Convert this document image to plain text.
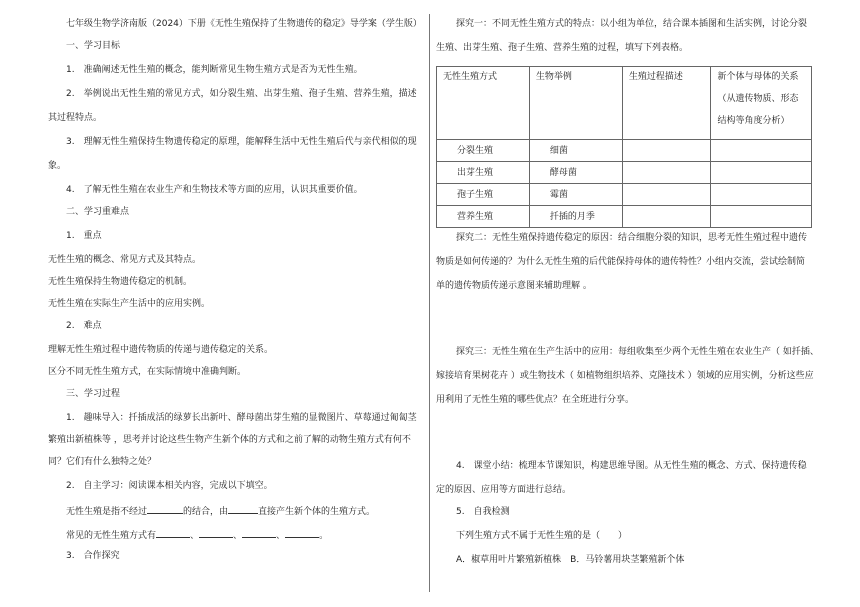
七年级生物学济南版（2024）下册《无性生殖保持了生物遗传的稳定》导学案（学生版）
一、学习目标
1.　准确阐述无性生殖的概念，能判断常见生物生殖方式是否为无性生殖。
2.　举例说出无性生殖的常见方式，如分裂生殖、出芽生殖、孢子生殖、营养生殖，描述
其过程特点。
3.　理解无性生殖保持生物遗传稳定的原理，能解释生活中无性生殖后代与亲代相似的现
象。
4.　了解无性生殖在农业生产和生物技术等方面的应用，认识其重要价值。
二、学习重难点
1.　重点
无性生殖的概念、常见方式及其特点。
无性生殖保持生物遗传稳定的机制。
无性生殖在实际生产生活中的应用实例。
2.　难点
理解无性生殖过程中遗传物质的传递与遗传稳定的关系。
区分不同无性生殖方式，在实际情境中准确判断。
三、学习过程
1.　趣味导入：扦插成活的绿萝长出新叶、酵母菌出芽生殖的显微图片、草莓通过匍匐茎
繁殖出新植株等 ，思考并讨论这些生物产生新个体的方式和之前了解的动物生殖方式有何不
同？它们有什么独特之处？
2.　自主学习：阅读课本相关内容，完成以下填空。
无性生殖是指不经过	的结合，由	直接产生新个体的生殖方式。
常见的无性生殖方式有	、	、	、	。
3.　合作探究
探究一：不同无性生殖方式的特点：以小组为单位，结合课本插图和生活实例，讨论分裂
生殖、出芽生殖、孢子生殖、营养生殖的过程，填写下列表格。
无性生殖方式	生物举例	生殖过程描述	新个体与母体的关系
（从遗传物质、形态
结构等角度分析）

分裂生殖	细菌		
出芽生殖	酵母菌		
孢子生殖	霉菌		
营养生殖	扦插的月季		
探究二：无性生殖保持遗传稳定的原因：结合细胞分裂的知识，思考无性生殖过程中遗传
物质是如何传递的？为什么无性生殖的后代能保持母体的遗传特性？小组内交流，尝试绘制简
单的遗传物质传递示意图来辅助理解 。
探究三：无性生殖在生产生活中的应用：每组收集至少两个无性生殖在农业生产（ 如扦插、
嫁接培育果树花卉 ）或生物技术（ 如植物组织培养、克隆技术 ）领域的应用实例，分析这些应
用利用了无性生殖的哪些优点？在全班进行分享。
4.　课堂小结：梳理本节课知识，构建思维导图。从无性生殖的概念、方式、保持遗传稳
定的原因、应用等方面进行总结。
5.　自我检测
下列生殖方式不属于无性生殖的是（　　）
A．椒草用叶片繁殖新植株　B．马铃薯用块茎繁殖新个体
